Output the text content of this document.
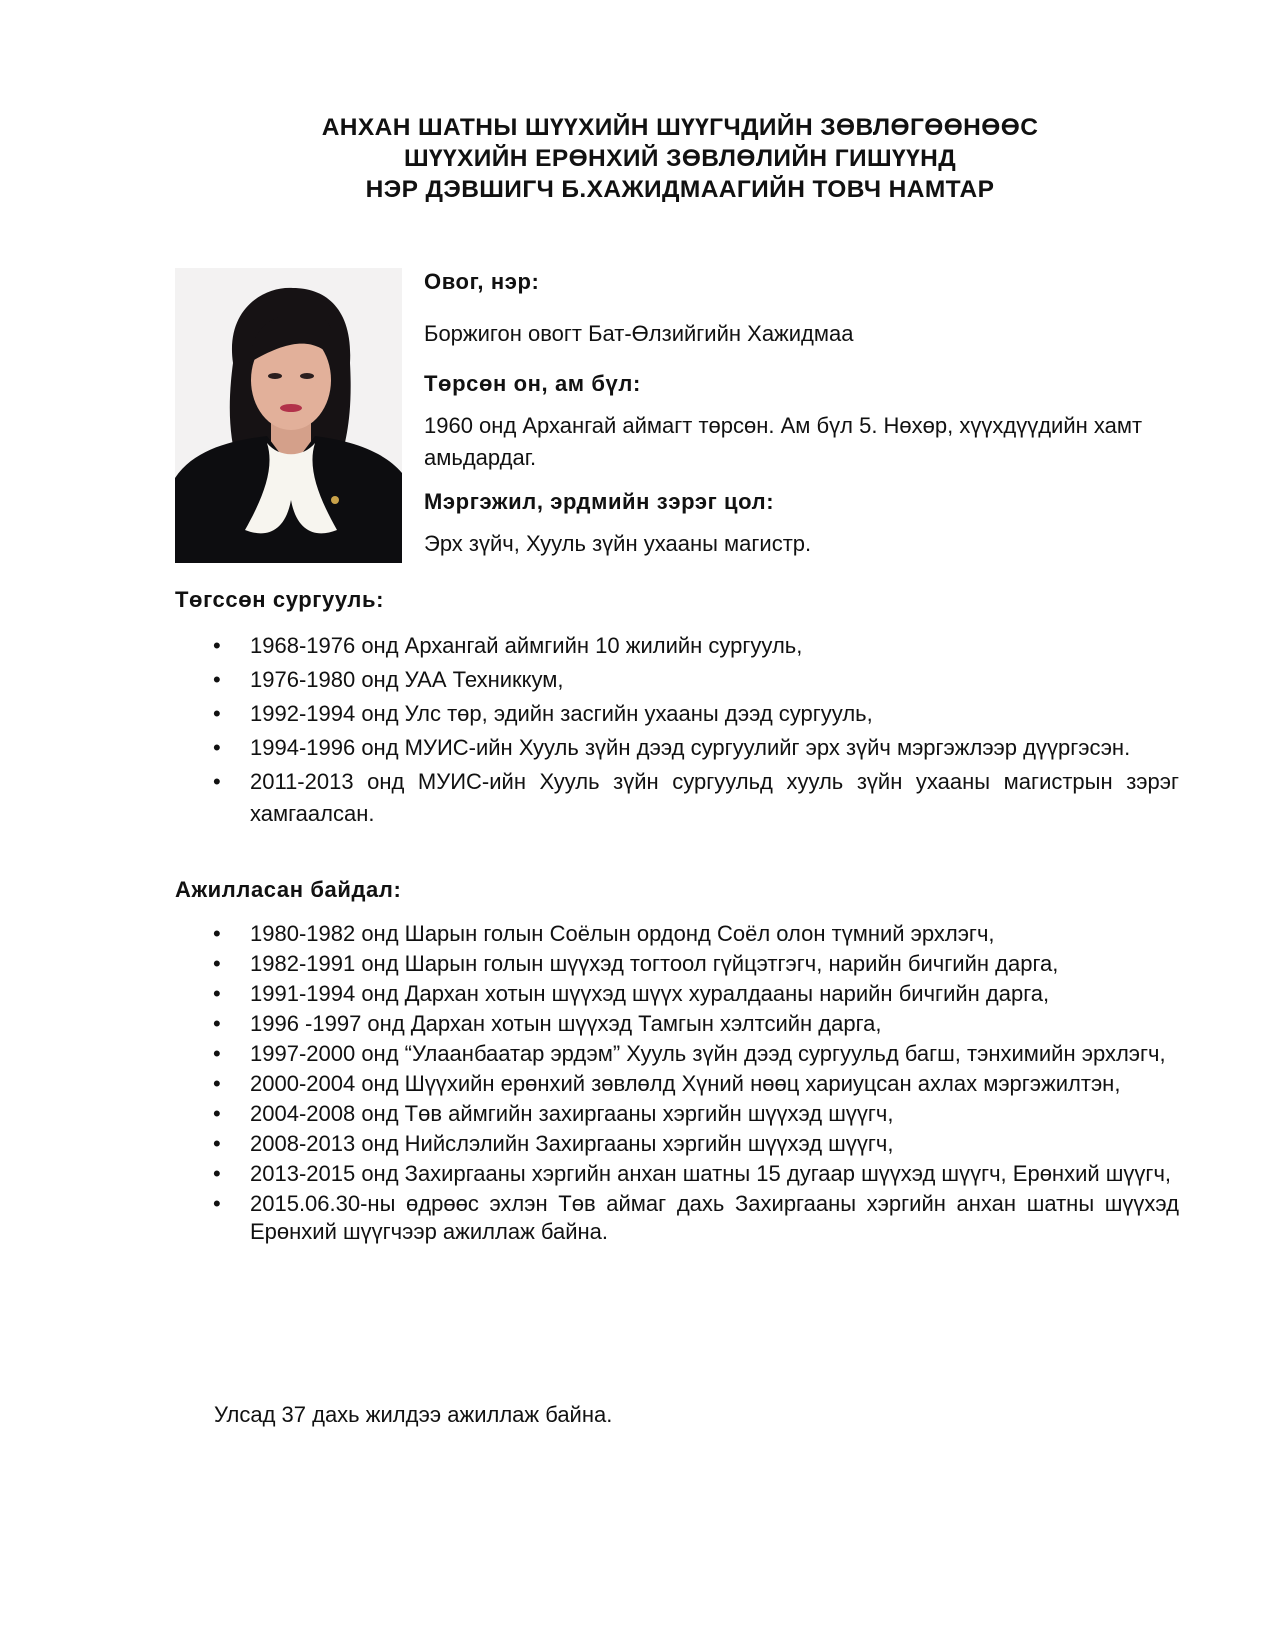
АНХАН ШАТНЫ ШҮҮХИЙН ШҮҮГЧДИЙН ЗӨВЛӨГӨӨНӨӨС
ШҮҮХИЙН ЕРӨНХИЙ ЗӨВЛӨЛИЙН ГИШҮҮНД
НЭР ДЭВШИГЧ Б.ХАЖИДМААГИЙН ТОВЧ НАМТАР
Овог, нэр:
Боржигон овогт Бат-Өлзийгийн Хажидмаа
Төрсөн он, ам бүл:
1960 онд Архангай аймагт төрсөн. Ам бүл 5. Нөхөр, хүүхдүүдийн хамт амьдардаг.
Мэргэжил, эрдмийн зэрэг цол:
Эрх зүйч, Хууль зүйн ухааны магистр.
Төгссөн сургууль:
• 1968-1976 онд Архангай аймгийн 10 жилийн сургууль,
• 1976-1980 онд УАА Техниккум,
• 1992-1994 онд Улс төр, эдийн засгийн ухааны дээд сургууль,
• 1994-1996 онд МУИС-ийн Хууль зүйн дээд сургуулийг эрх зүйч мэргэжлээр дүүргэсэн.
• 2011-2013 онд МУИС-ийн Хууль зүйн сургуульд хууль зүйн ухааны магистрын зэрэг хамгаалсан.
Ажилласан байдал:
• 1980-1982 онд Шарын голын Соёлын ордонд Соёл олон түмний эрхлэгч,
• 1982-1991 онд Шарын голын шүүхэд тогтоол гүйцэтгэгч, нарийн бичгийн дарга,
• 1991-1994 онд Дархан хотын шүүхэд шүүх хуралдааны нарийн бичгийн дарга,
• 1996 -1997 онд Дархан хотын шүүхэд Тамгын хэлтсийн дарга,
• 1997-2000 онд “Улаанбаатар эрдэм” Хууль зүйн дээд сургуульд багш, тэнхимийн эрхлэгч,
• 2000-2004 онд Шүүхийн ерөнхий зөвлөлд Хүний нөөц хариуцсан ахлах мэргэжилтэн,
• 2004-2008 онд Төв аймгийн захиргааны хэргийн шүүхэд шүүгч,
• 2008-2013 онд Нийслэлийн Захиргааны хэргийн шүүхэд шүүгч,
• 2013-2015 онд Захиргааны хэргийн анхан шатны 15 дугаар шүүхэд шүүгч, Ерөнхий шүүгч,
• 2015.06.30-ны өдрөөс эхлэн Төв аймаг дахь Захиргааны хэргийн анхан шатны шүүхэд Ерөнхий шүүгчээр ажиллаж байна.
Улсад 37 дахь жилдээ ажиллаж байна.
